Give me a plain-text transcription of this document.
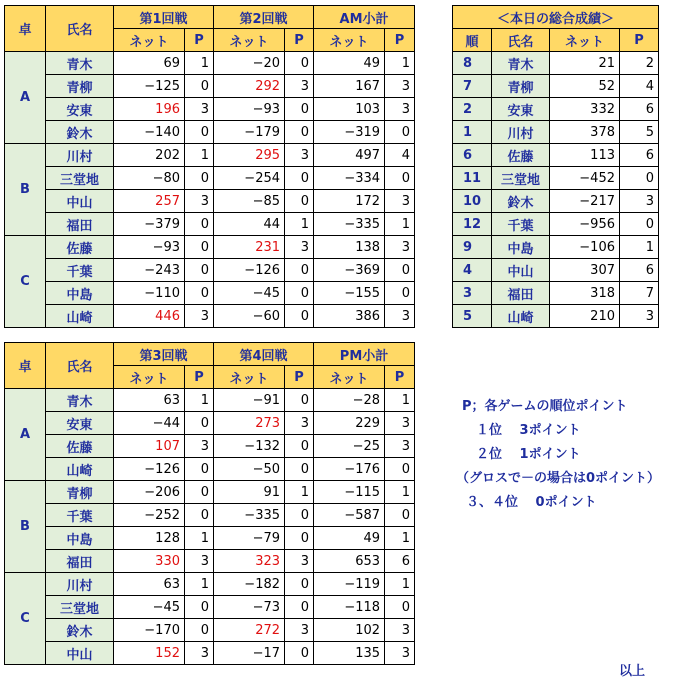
卓	氏名	第1回戦		第2回戦		AM小計	
		ネット	P	ネット	P	ネット	P
A	青木	69	1	−20	0	49	1
	青柳	−125	0	292	3	167	3
	安東	196	3	−93	0	103	3
	鈴木	−140	0	−179	0	−319	0
B	川村	202	1	295	3	497	4
	三堂地	−80	0	−254	0	−334	0
	中山	257	3	−85	0	172	3
	福田	−379	0	44	1	−335	1
C	佐藤	−93	0	231	3	138	3
	千葉	−243	0	−126	0	−369	0
	中島	−110	0	−45	0	−155	0
	山崎	446	3	−60	0	386	3
卓	氏名	第3回戦		第4回戦		PM小計	
		ネット	P	ネット	P	ネット	P
A	青木	63	1	−91	0	−28	1
	安東	−44	0	273	3	229	3
	佐藤	107	3	−132	0	−25	3
	山崎	−126	0	−50	0	−176	0
B	青柳	−206	0	91	1	−115	1
	千葉	−252	0	−335	0	−587	0
	中島	128	1	−79	0	49	1
	福田	330	3	323	3	653	6
C	川村	63	1	−182	0	−119	1
	三堂地	−45	0	−73	0	−118	0
	鈴木	−170	0	272	3	102	3
	中山	152	3	−17	0	135	3
＜本日の総合成績＞			
順	氏名	ネット	P
8	青木	21	2
7	青柳	52	4
2	安東	332	6
1	川村	378	5
6	佐藤	113	6
11	三堂地	−452	0
10	鈴木	−217	3
12	千葉	−956	0
9	中島	−106	1
4	中山	307	6
3	福田	318	7
5	山崎	210	3
P；各ゲームの順位ポイント
１位　 3ポイント
２位　 1ポイント
（グロスで－の場合は0ポイント）
３、４位　 0ポイント
以上
